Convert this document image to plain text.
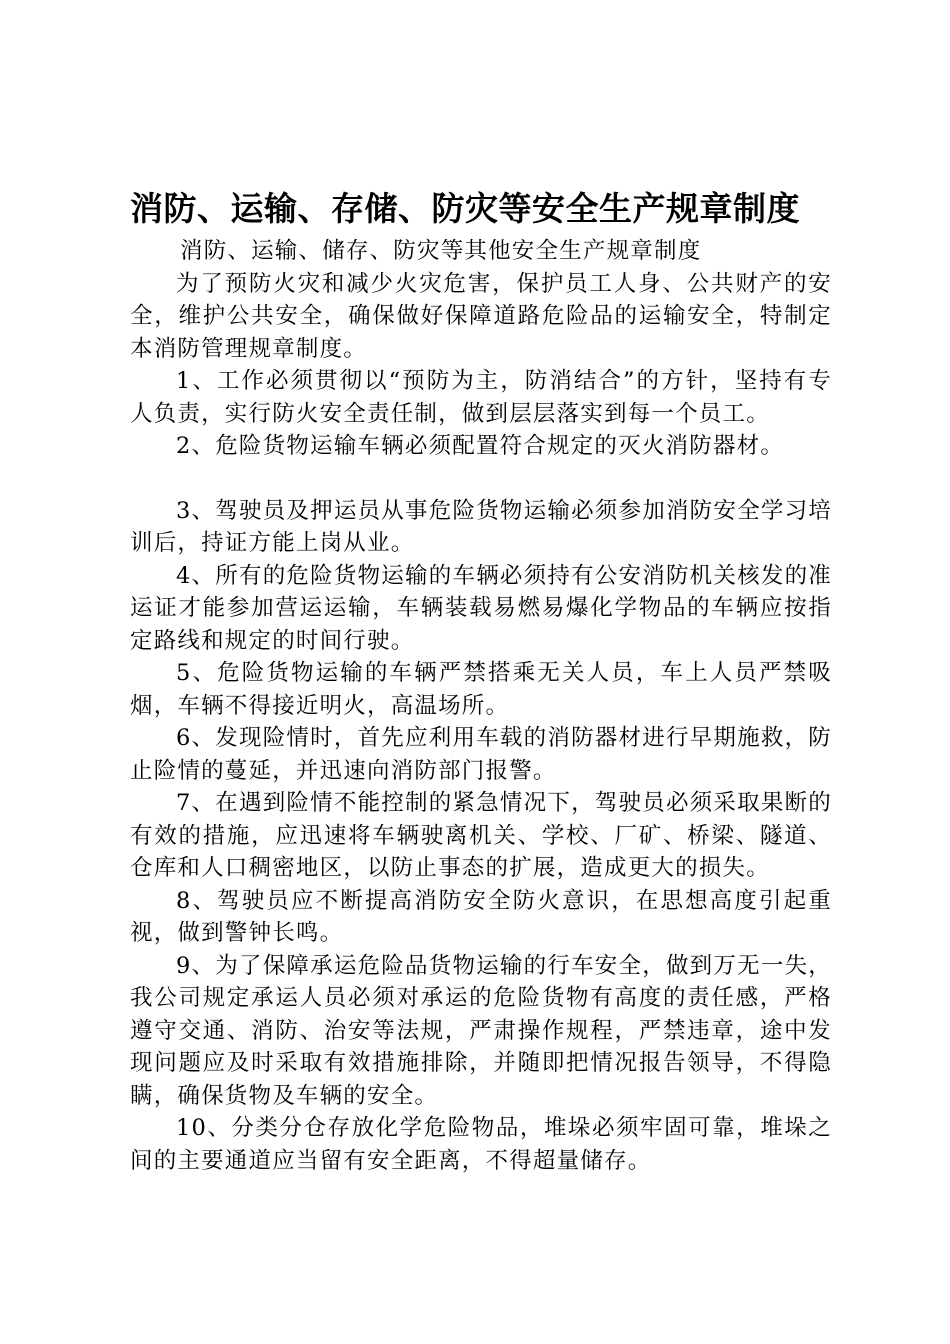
消防、运输、存储、防灾等安全生产规章制度

消防、运输、储存、防灾等其他安全生产规章制度

为了预防火灾和减少火灾危害，保护员工人身、公共财产的安全，维护公共安全，确保做好保障道路危险品的运输安全，特制定本消防管理规章制度。

1、工作必须贯彻以“预防为主，防消结合”的方针，坚持有专人负责，实行防火安全责任制，做到层层落实到每一个员工。

2、危险货物运输车辆必须配置符合规定的灭火消防器材。

3、驾驶员及押运员从事危险货物运输必须参加消防安全学习培训后，持证方能上岗从业。

4、所有的危险货物运输的车辆必须持有公安消防机关核发的准运证才能参加营运运输，车辆装载易燃易爆化学物品的车辆应按指定路线和规定的时间行驶。

5、危险货物运输的车辆严禁搭乘无关人员，车上人员严禁吸烟，车辆不得接近明火，高温场所。

6、发现险情时，首先应利用车载的消防器材进行早期施救，防止险情的蔓延，并迅速向消防部门报警。

7、在遇到险情不能控制的紧急情况下，驾驶员必须采取果断的有效的措施，应迅速将车辆驶离机关、学校、厂矿、桥梁、隧道、仓库和人口稠密地区，以防止事态的扩展，造成更大的损失。

8、驾驶员应不断提高消防安全防火意识，在思想高度引起重视，做到警钟长鸣。

9、为了保障承运危险品货物运输的行车安全，做到万无一失，我公司规定承运人员必须对承运的危险货物有高度的责任感，严格遵守交通、消防、治安等法规，严肃操作规程，严禁违章，途中发现问题应及时采取有效措施排除，并随即把情况报告领导，不得隐瞒，确保货物及车辆的安全。

10、分类分仓存放化学危险物品，堆垛必须牢固可靠，堆垛之间的主要通道应当留有安全距离，不得超量储存。
